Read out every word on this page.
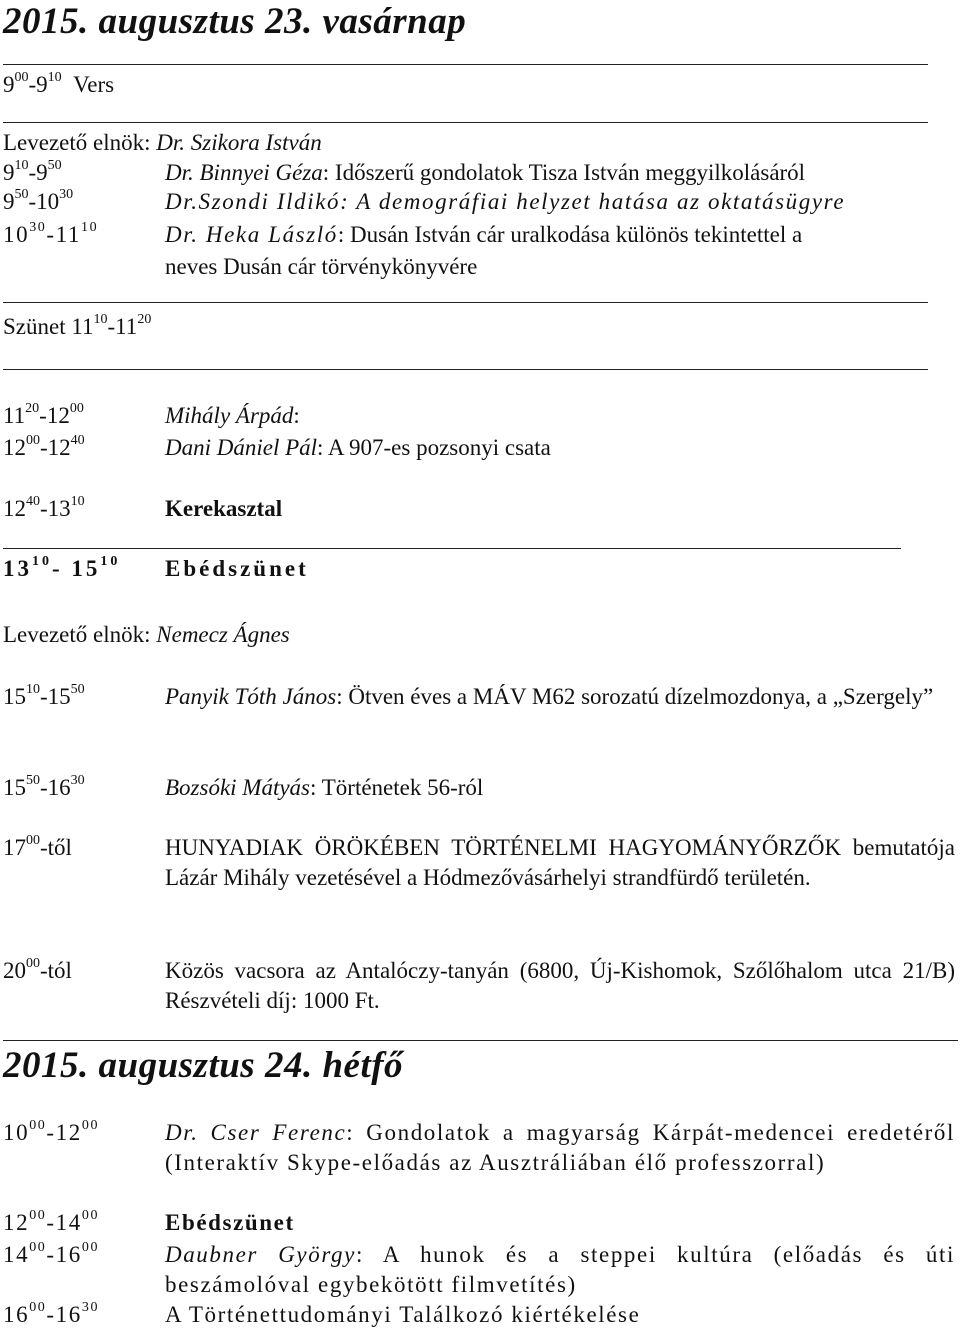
2015. augusztus 23. vasárnap
$9^{00}-9^{10}$ Vers
Levezető elnök: Dr. Szikora István
$9^{10}-9^{50}$	Dr. Binnyei Géza: Időszerű gondolatok Tisza István meggyilkolásáról
$9^{50}-10^{30}$	Dr.Szondi Ildikó: A demográfiai helyzet hatása az oktatásügyre
$10^{30}-11^{10}$	Dr. Heka László: Dusán István cár uralkodása különös tekintettel a
neves Dusán cár törvénykönyvére
Szünet $11^{10}-11^{20}$
$11^{20}-12^{00}$	Mihály Árpád:
$12^{00}-12^{40}$	Dani Dániel Pál: A 907-es pozsonyi csata
$12^{40}-13^{10}$	Kerekasztal
$13^{10}-$ $15^{10}$ Ebédszünet
Levezető elnök: Nemecz Ágnes
$15^{10}-15^{50}$	Panyik Tóth János: Ötven éves a MÁV M62 sorozatú dízelmozdonya, a „Szergely”
$15^{50}-16^{30}$	Bozsóki Mátyás: Történetek 56-ról
$17^{00}$-től	HUNYADIAK ÖRÖKÉBEN TÖRTÉNELMI HAGYOMÁNYŐRZŐK bemutatója Lázár Mihály vezetésével a Hódmezővásárhelyi strandfürdő területén.
$20^{00}$-tól	Közös vacsora az Antalóczy-tanyán (6800, Új-Kishomok, Szőlőhalom utca 21/B) Részvételi díj: 1000 Ft.
2015. augusztus 24. hétfő
$10^{00}-12^{00}$	Dr. Cser Ferenc: Gondolatok a magyarság Kárpát-medencei eredetéről (Interaktív Skype-előadás az Ausztráliában élő professzorral)
$12^{00}-14^{00}$	Ebédszünet
$14^{00}-16^{00}$	Daubner György: A hunok és a steppei kultúra (előadás és úti beszámolóval egybekötött filmvetítés)
$16^{00}-16^{30}$	A Történettudományi Találkozó kiértékelése
